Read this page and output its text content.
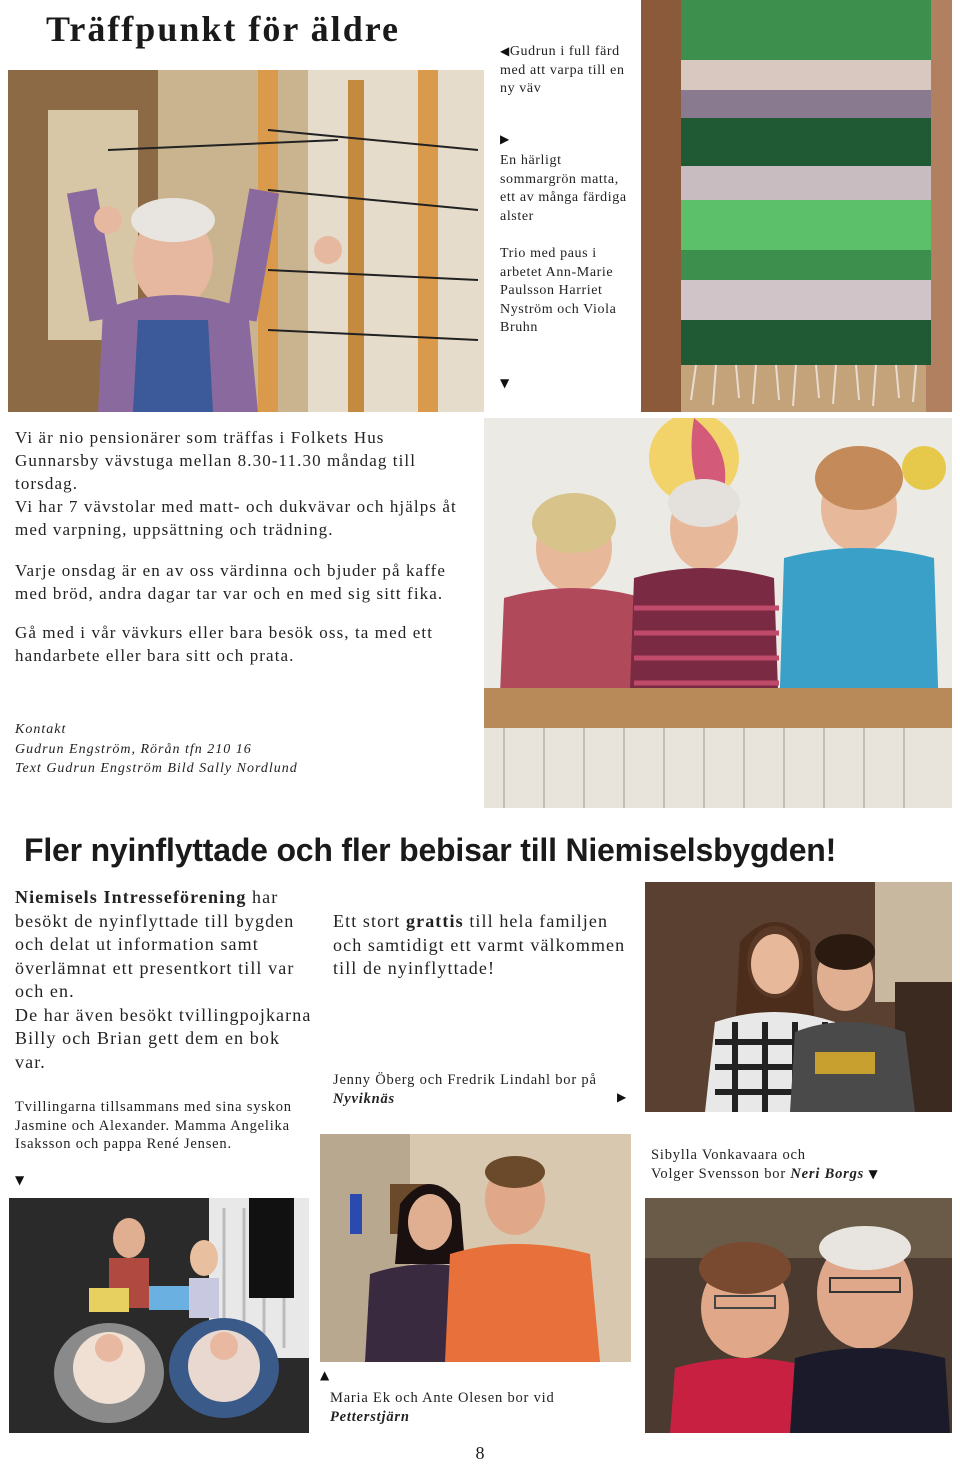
Träffpunkt för äldre
◀Gudrun i full färd med att varpa till en ny väv
▶
En härligt sommargrön matta, ett av många färdiga alster
Trio med paus i arbetet Ann-Marie Paulsson Harriet Nyström och Viola Bruhn
▼

Vi är nio pensionärer som träffas i Folkets Hus Gunnarsby vävstuga mellan 8.30-11.30 måndag till torsdag.

Vi har 7 vävstolar med matt- och dukvävar och hjälps åt med varpning, uppsättning och trädning.

Varje onsdag är en av oss värdinna och bjuder på kaffe med bröd, andra dagar tar var och en med sig sitt fika.

Gå med i vår vävkurs eller bara besök oss, ta med ett handarbete eller bara sitt och prata.

Kontakt
Gudrun Engström, Rörån tfn 210 16
Text Gudrun Engström Bild Sally Nordlund
Fler nyinflyttade och fler bebisar till Niemiselsbygden!
Niemisels Intresseförening har besökt de nyinflyttade till bygden och delat ut information samt överlämnat ett presentkort till var och en.
De har även besökt tvillingpojkarna Billy och Brian gett dem en bok var.
Ett stort grattis till hela familjen och samtidigt ett varmt välkommen till de nyinflyttade!
Jenny Öberg och Fredrik Lindahl bor på Nyviknäs	▶
Tvillingarna tillsammans med sina syskon Jasmine och Alexander. Mamma Angelika Isaksson och pappa René Jensen.
▼
▲
Maria Ek och Ante Olesen bor vid
Petterstjärn
Sibylla Vonkavaara och
Volger Svensson bor Neri Borgs ▼
8
